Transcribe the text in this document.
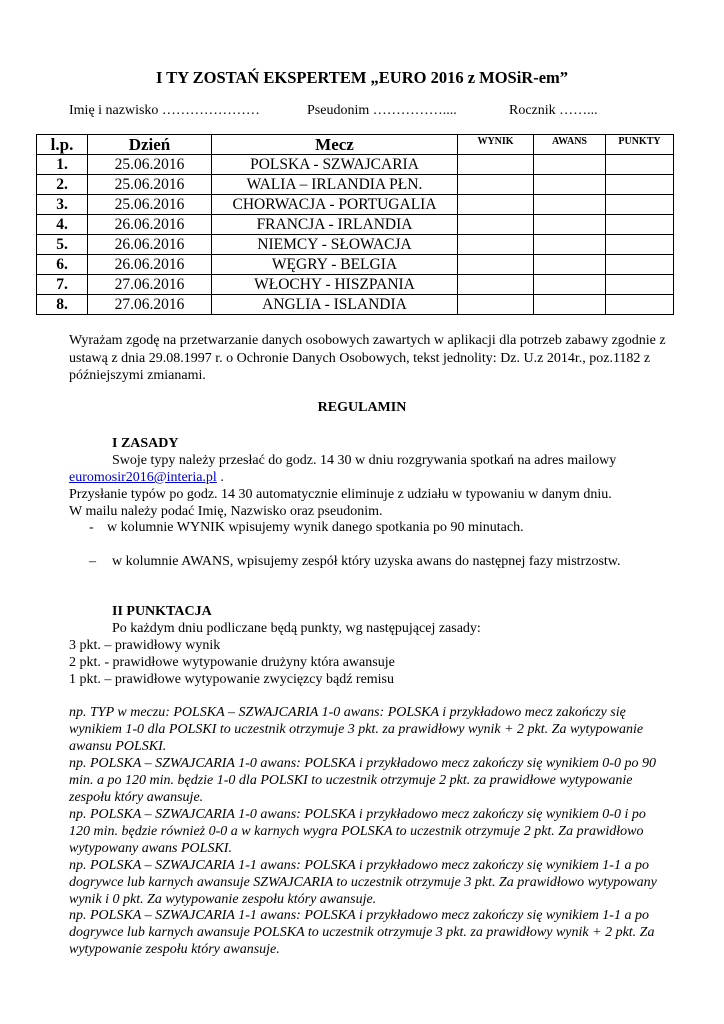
I TY ZOSTAŃ EKSPERTEM „EURO 2016 z MOSiR-em”
Imię i nazwisko …………………	Pseudonim ……………....	Rocznik ……...
l.p.	Dzień	Mecz	WYNIK	AWANS	PUNKTY
1.	25.06.2016	POLSKA - SZWAJCARIA			
2.	25.06.2016	WALIA – IRLANDIA PŁN.			
3.	25.06.2016	CHORWACJA - PORTUGALIA			
4.	26.06.2016	FRANCJA - IRLANDIA			
5.	26.06.2016	NIEMCY - SŁOWACJA			
6.	26.06.2016	WĘGRY - BELGIA			
7.	27.06.2016	WŁOCHY - HISZPANIA			
8.	27.06.2016	ANGLIA - ISLANDIA			
Wyrażam zgodę na przetwarzanie danych osobowych zawartych w aplikacji dla potrzeb zabawy zgodnie z ustawą z dnia 29.08.1997 r. o Ochronie Danych Osobowych, tekst jednolity: Dz. U.z 2014r., poz.1182 z późniejszymi zmianami.
REGULAMIN
I ZASADY
Swoje typy należy przesłać do godz. 14 30 w dniu rozgrywania spotkań na adres mailowy
euromosir2016@interia.pl .
Przysłanie typów po godz. 14 30 automatycznie eliminuje z udziału w typowaniu w danym dniu.
W mailu należy podać Imię, Nazwisko oraz pseudonim.
- w kolumnie WYNIK wpisujemy wynik danego spotkania po 90 minutach.
– w kolumnie AWANS, wpisujemy zespół który uzyska awans do następnej fazy mistrzostw.
II PUNKTACJA
Po każdym dniu podliczane będą punkty, wg następującej zasady:
3 pkt. – prawidłowy wynik
2 pkt. - prawidłowe wytypowanie drużyny która awansuje
1 pkt. – prawidłowe wytypowanie zwycięzcy bądź remisu
np. TYP w meczu: POLSKA – SZWAJCARIA 1-0 awans: POLSKA i przykładowo mecz zakończy się wynikiem 1-0 dla POLSKI to uczestnik otrzymuje 3 pkt. za prawidłowy wynik + 2 pkt. Za wytypowanie awansu POLSKI.
np. POLSKA – SZWAJCARIA 1-0 awans: POLSKA i przykładowo mecz zakończy się wynikiem 0-0 po 90 min. a po 120 min. będzie 1-0 dla POLSKI to uczestnik otrzymuje 2 pkt. za prawidłowe wytypowanie zespołu który awansuje.
np. POLSKA – SZWAJCARIA 1-0 awans: POLSKA i przykładowo mecz zakończy się wynikiem 0-0 i po 120 min. będzie również 0-0 a w karnych wygra POLSKA to uczestnik otrzymuje 2 pkt. Za prawidłowo wytypowany awans POLSKI.
np. POLSKA – SZWAJCARIA 1-1 awans: POLSKA i przykładowo mecz zakończy się wynikiem 1-1 a po dogrywce lub karnych awansuje SZWAJCARIA to uczestnik otrzymuje 3 pkt. Za prawidłowo wytypowany wynik i 0 pkt. Za wytypowanie zespołu który awansuje.
np. POLSKA – SZWAJCARIA 1-1 awans: POLSKA i przykładowo mecz zakończy się wynikiem 1-1 a po dogrywce lub karnych awansuje POLSKA to uczestnik otrzymuje 3 pkt. za prawidłowy wynik + 2 pkt. Za wytypowanie zespołu który awansuje.
